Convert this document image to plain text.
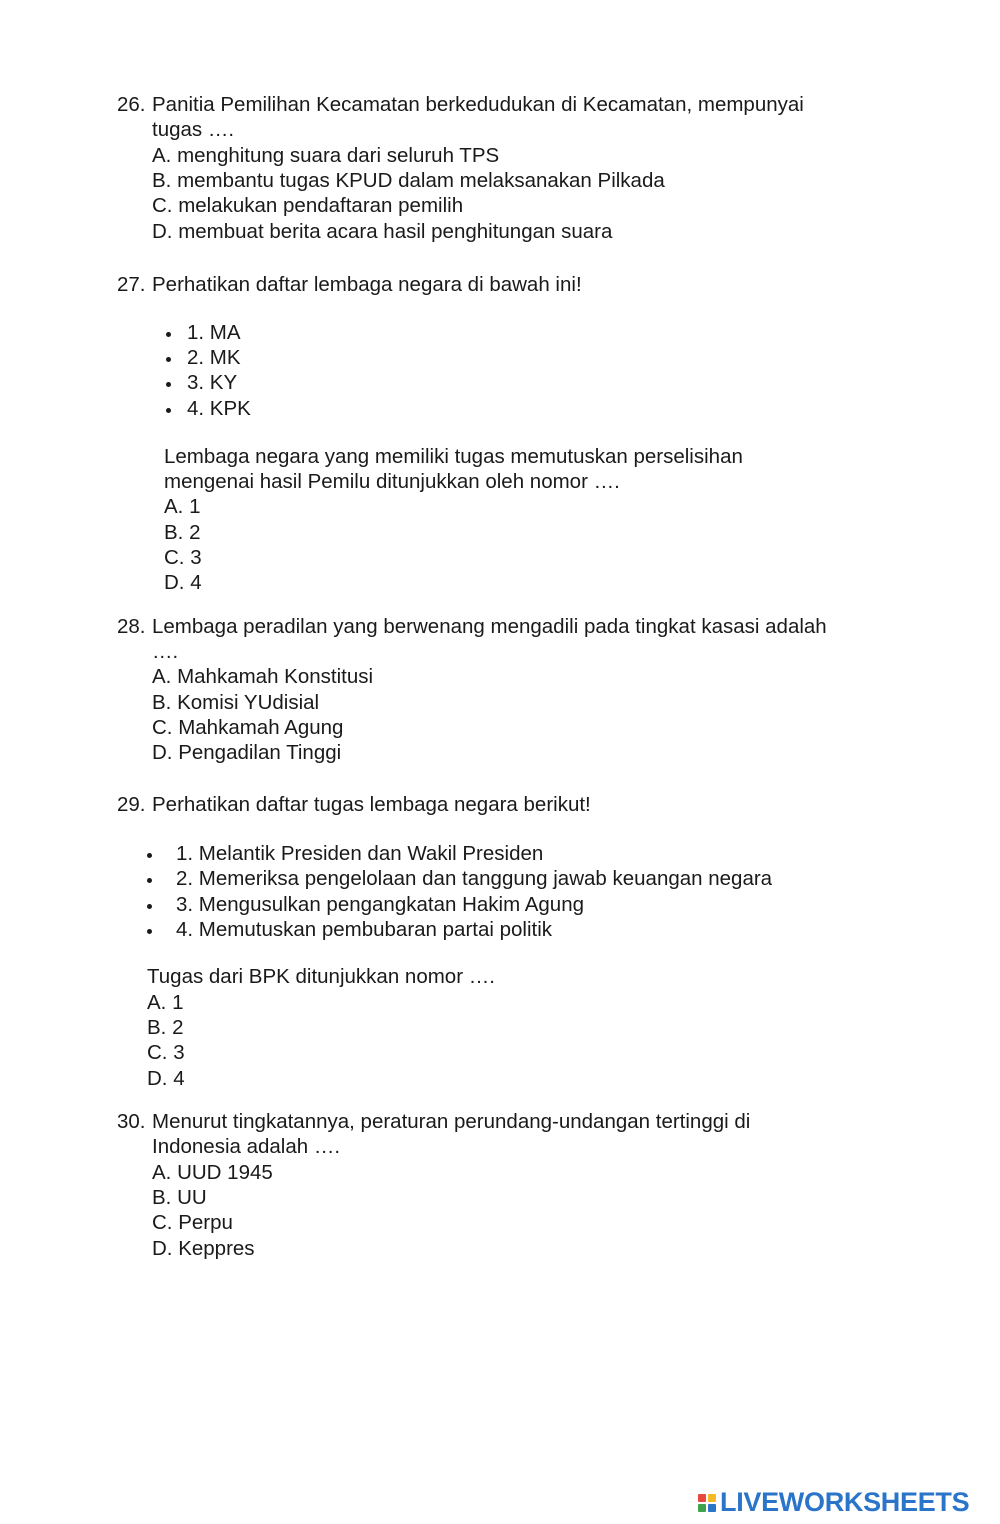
26. Panitia Pemilihan Kecamatan berkedudukan di Kecamatan, mempunyai
tugas ….
A. menghitung suara dari seluruh TPS
B. membantu tugas KPUD dalam melaksanakan Pilkada
C. melakukan pendaftaran pemilih
D. membuat berita acara hasil penghitungan suara
27. Perhatikan daftar lembaga negara di bawah ini!
1. MA
2. MK
3. KY
4. KPK
Lembaga negara yang memiliki tugas memutuskan perselisihan
mengenai hasil Pemilu ditunjukkan oleh nomor ….
A. 1
B. 2
C. 3
D. 4
28. Lembaga peradilan yang berwenang mengadili pada tingkat kasasi adalah
….
A. Mahkamah Konstitusi
B. Komisi YUdisial
C. Mahkamah Agung
D. Pengadilan Tinggi
29. Perhatikan daftar tugas lembaga negara berikut!
1. Melantik Presiden dan Wakil Presiden
2. Memeriksa pengelolaan dan tanggung jawab keuangan negara
3. Mengusulkan pengangkatan Hakim Agung
4. Memutuskan pembubaran partai politik
Tugas dari BPK ditunjukkan nomor ….
A. 1
B. 2
C. 3
D. 4
30. Menurut tingkatannya, peraturan perundang-undangan tertinggi di
Indonesia adalah ….
A. UUD 1945
B. UU
C. Perpu
D. Keppres
LIVEWORKSHEETS
